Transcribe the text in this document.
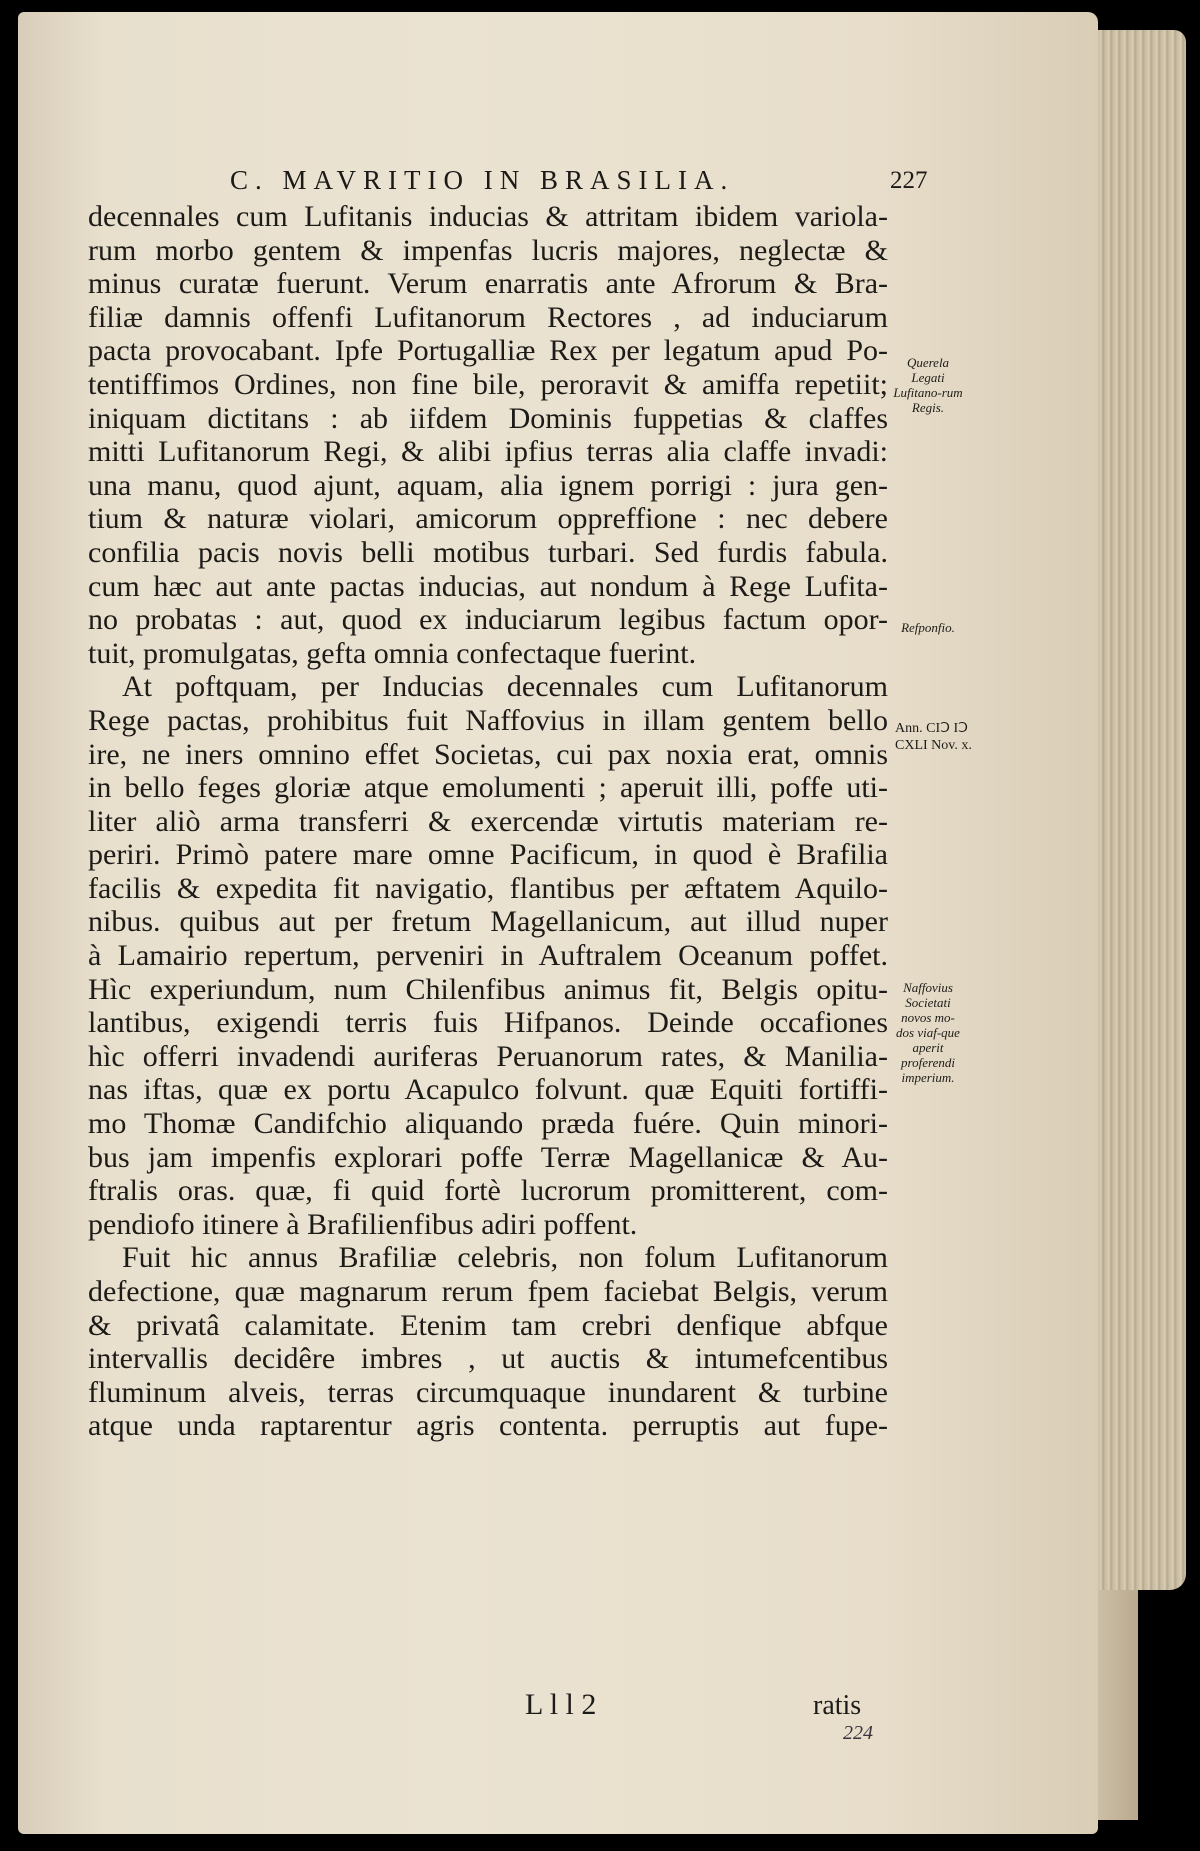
C. MAVRITIO IN BRASILIA.	227
decennales cum Lufitanis inducias & attritam ibidem variola-
rum morbo gentem & impenfas lucris majores, neglectæ &
minus curatæ fuerunt. Verum enarratis ante Afrorum & Bra-
filiæ damnis offenfi Lufitanorum Rectores , ad induciarum
pacta provocabant. Ipfe Portugalliæ Rex per legatum apud Po-
tentiffimos Ordines, non fine bile, peroravit & amiffa repetiit;
iniquam dictitans : ab iifdem Dominis fuppetias & claffes
mitti Lufitanorum Regi, & alibi ipfius terras alia claffe invadi:
una manu, quod ajunt, aquam, alia ignem porrigi : jura gen-
tium & naturæ violari, amicorum oppreffione : nec debere
confilia pacis novis belli motibus turbari. Sed furdis fabula.
cum hæc aut ante pactas inducias, aut nondum à Rege Lufita-
no probatas : aut, quod ex induciarum legibus factum opor-
tuit, promulgatas, gefta omnia confectaque fuerint.
At poftquam, per Inducias decennales cum Lufitanorum
Rege pactas, prohibitus fuit Naffovius in illam gentem bello
ire, ne iners omnino effet Societas, cui pax noxia erat, omnis
in bello feges gloriæ atque emolumenti ; aperuit illi, poffe uti-
liter aliò arma transferri & exercendæ virtutis materiam re-
periri. Primò patere mare omne Pacificum, in quod è Brafilia
facilis & expedita fit navigatio, flantibus per æftatem Aquilo-
nibus. quibus aut per fretum Magellanicum, aut illud nuper
à Lamairio repertum, perveniri in Auftralem Oceanum poffet.
Hìc experiundum, num Chilenfibus animus fit, Belgis opitu-
lantibus, exigendi terris fuis Hifpanos. Deinde occafiones
hìc offerri invadendi auriferas Peruanorum rates, & Manilia-
nas iftas, quæ ex portu Acapulco folvunt. quæ Equiti fortiffi-
mo Thomæ Candifchio aliquando præda fuére. Quin minori-
bus jam impenfis explorari poffe Terræ Magellanicæ & Au-
ftralis oras. quæ, fi quid fortè lucrorum promitterent, com-
pendiofo itinere à Brafilienfibus adiri poffent.
Fuit hic annus Brafiliæ celebris, non folum Lufitanorum
defectione, quæ magnarum rerum fpem faciebat Belgis, verum
& privatâ calamitate. Etenim tam crebri denfique abfque
intervallis decidêre imbres , ut auctis & intumefcentibus
fluminum alveis, terras circumquaque inundarent & turbine
atque unda raptarentur agris contenta. perruptis aut fupe-
Querela Legati Lufitano-rum Regis.
Refponfio.
Ann. CIↃ IↃ CXLI Nov. x.
Naffovius Societati novos mo-dos viaf-que aperit proferendi imperium.
L l l 2	ratis
224
